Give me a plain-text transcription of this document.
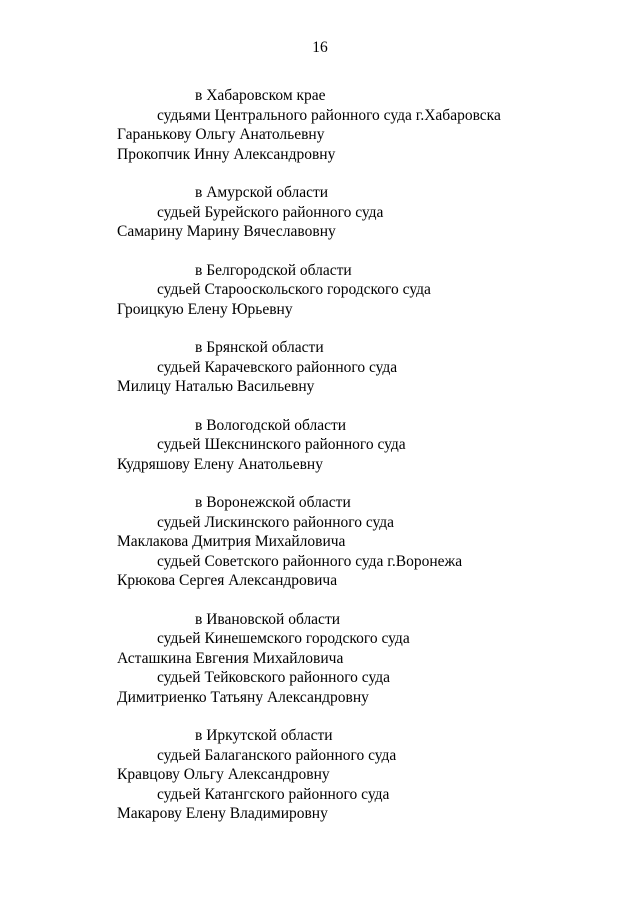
16
в Хабаровском крае
судьями Центрального районного суда г.Хабаровска
Гаранькову Ольгу Анатольевну
Прокопчик Инну Александровну
в Амурской области
судьей Бурейского районного суда
Самарину Марину Вячеславовну
в Белгородской области
судьей Старооскольского городского суда
Гроицкую Елену Юрьевну
в Брянской области
судьей Карачевского районного суда
Милицу Наталью Васильевну
в Вологодской области
судьей Шекснинского районного суда
Кудряшову Елену Анатольевну
в Воронежской области
судьей Лискинского районного суда
Маклакова Дмитрия Михайловича
судьей Советского районного суда г.Воронежа
Крюкова Сергея Александровича
в Ивановской области
судьей Кинешемского городского суда
Асташкина Евгения Михайловича
судьей Тейковского районного суда
Димитриенко Татьяну Александровну
в Иркутской области
судьей Балаганского районного суда
Кравцову Ольгу Александровну
судьей Катангского районного суда
Макарову Елену Владимировну
